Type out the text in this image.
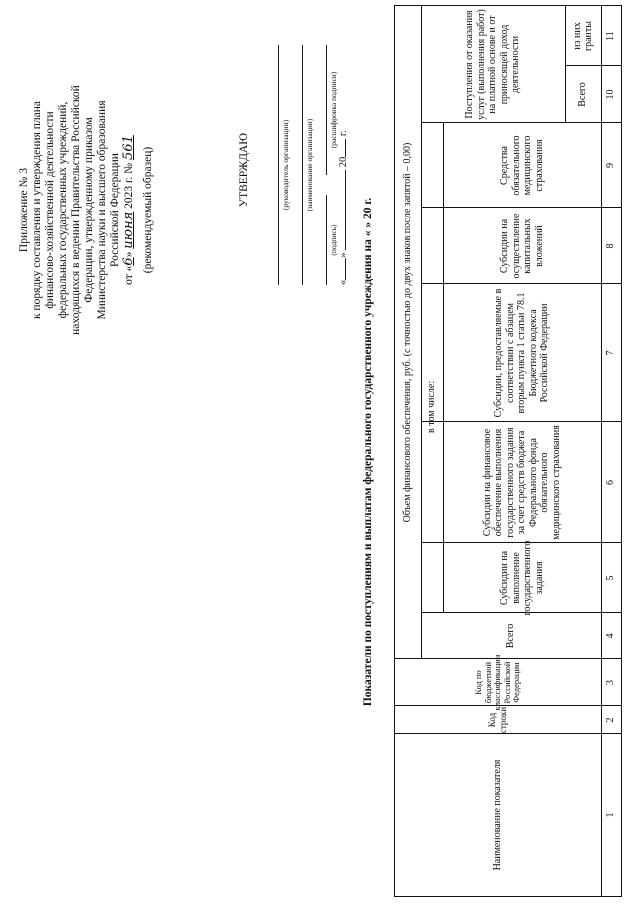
Приложение № 3 к порядку составления и утверждения плана финансово-хозяйственной деятельности федеральных государственных учреждений, находящихся в ведении Правительства Российской Федерации, утвержденному приказом Министерства науки и высшего образования Российской Федерации
от «6» июня 2023 г. № 561 (рекомендуемый образец)	УТВЕРЖДАЮ	(руководитель организации) (наименование организации)
(подпись)
(расшифровка подписи)
«»  20 г.
Показатели по поступлениям и выплатам федерального государственного учреждения на « » 20 г.
Наименование показателя
Код строки
Код по бюджетной классификации Российской Федерации
Объем финансового обеспечения, руб. (с точностью до двух знаков после запятой – 0,00)
Всего
в том числе:
Субсидии на выполнение государственного задания
Субсидии на финансовое обеспечение выполнения государственного задания за счет средств бюджета Федерального фонда обязательного медицинского страхования
Субсидии, предоставляемые в соответствии с абзацем вторым пункта 1 статьи 78.1 Бюджетного кодекса Российской Федерации
Субсидии на осуществление капитальных вложений
Средства обязательного медицинского страхования
Поступления от оказания услуг (выполнения работ) на платной основе и от приносящей доход деятельности
Всего
из них гранты
1
2
3
4
5
6
7
8
9
10
11
